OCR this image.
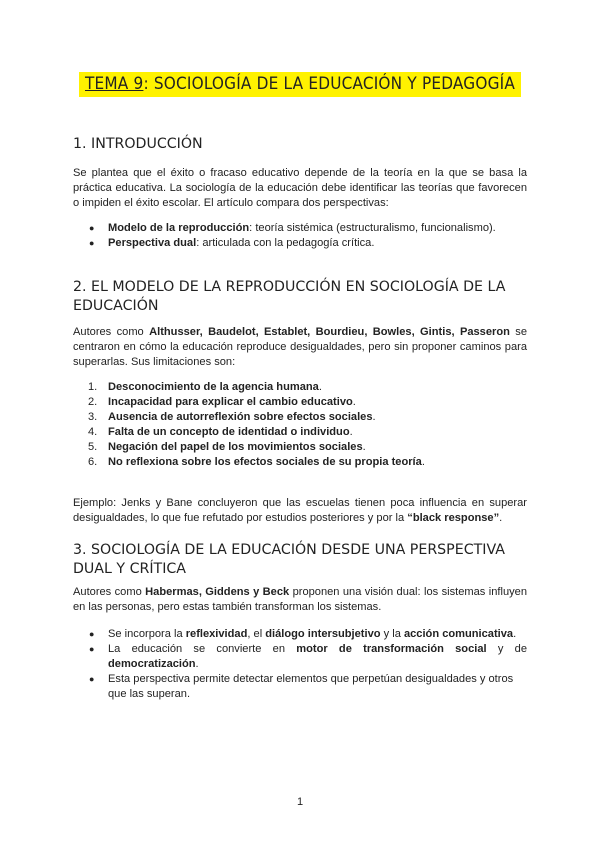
TEMA 9: SOCIOLOGÍA DE LA EDUCACIÓN Y PEDAGOGÍA
1. INTRODUCCIÓN

Se plantea que el éxito o fracaso educativo depende de la teoría en la que se basa la práctica educativa. La sociología de la educación debe identificar las teorías que favorecen o impiden el éxito escolar. El artículo compara dos perspectivas:

● Modelo de la reproducción: teoría sistémica (estructuralismo, funcionalismo).
● Perspectiva dual: articulada con la pedagogía crítica.
2. EL MODELO DE LA REPRODUCCIÓN EN SOCIOLOGÍA DE LA EDUCACIÓN

Autores como Althusser, Baudelot, Establet, Bourdieu, Bowles, Gintis, Passeron se centraron en cómo la educación reproduce desigualdades, pero sin proponer caminos para superarlas. Sus limitaciones son:

1. Desconocimiento de la agencia humana.
2. Incapacidad para explicar el cambio educativo.
3. Ausencia de autorreflexión sobre efectos sociales.
4. Falta de un concepto de identidad o individuo.
5. Negación del papel de los movimientos sociales.
6. No reflexiona sobre los efectos sociales de su propia teoría.

Ejemplo: Jenks y Bane concluyeron que las escuelas tienen poca influencia en superar desigualdades, lo que fue refutado por estudios posteriores y por la “black response”.

3. SOCIOLOGÍA DE LA EDUCACIÓN DESDE UNA PERSPECTIVA DUAL Y CRÍTICA

Autores como Habermas, Giddens y Beck proponen una visión dual: los sistemas influyen en las personas, pero estas también transforman los sistemas.

● Se incorpora la reflexividad, el diálogo intersubjetivo y la acción comunicativa.
● La educación se convierte en motor de transformación social y de democratización.
● Esta perspectiva permite detectar elementos que perpetúan desigualdades y otros que las superan.
1
